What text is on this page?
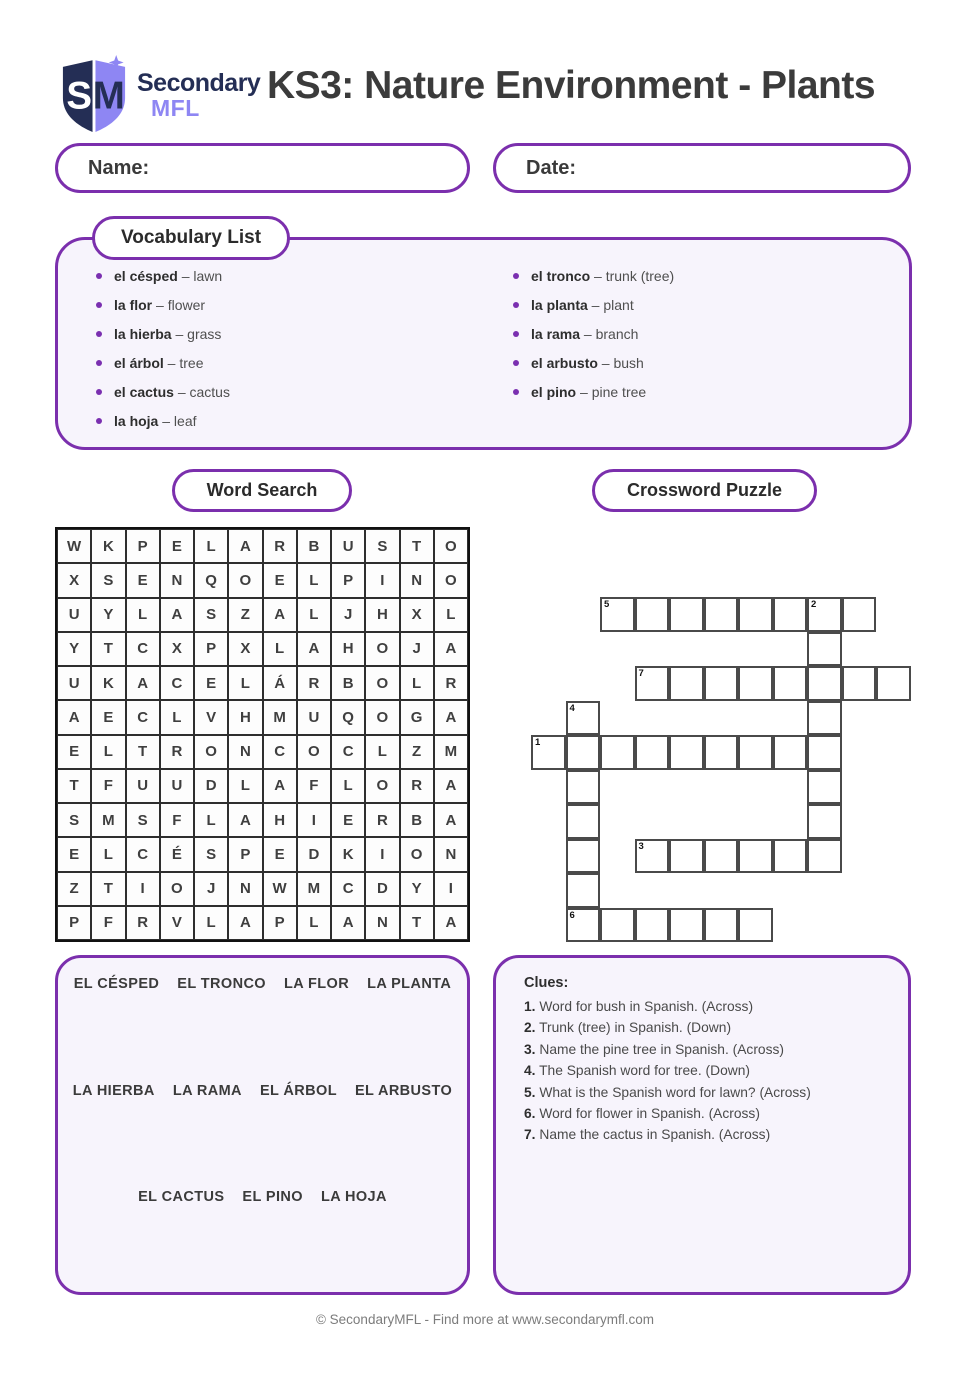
S M Secondary
MFL
KS3: Nature Environment - Plants
Name:	Date:
Vocabulary List
el césped – lawn
la flor – flower
la hierba – grass
el árbol – tree
el cactus – cactus
la hoja – leaf
el tronco – trunk (tree)
la planta – plant
la rama – branch
el arbusto – bush
el pino – pine tree
Word Search	Crossword Puzzle
W	K	P	E	L	A	R	B	U	S	T	O
X	S	E	N	Q	O	E	L	P	I	N	O
U	Y	L	A	S	Z	A	L	J	H	X	L
Y	T	C	X	P	X	L	A	H	O	J	A
U	K	A	C	E	L	Á	R	B	O	L	R
A	E	C	L	V	H	M	U	Q	O	G	A
E	L	T	R	O	N	C	O	C	L	Z	M
T	F	U	U	D	L	A	F	L	O	R	A
S	M	S	F	L	A	H	I	E	R	B	A
E	L	C	É	S	P	E	D	K	I	O	N
Z	T	I	O	J	N	W	M	C	D	Y	I
P	F	R	V	L	A	P	L	A	N	T	A
5	2
7
4
6
1
3
EL CÉSPED EL TRONCO LA FLOR LA PLANTA
LA HIERBA LA RAMA EL ÁRBOL EL ARBUSTO
EL CACTUS EL PINO LA HOJA
Clues:
1. Word for bush in Spanish. (Across)
2. Trunk (tree) in Spanish. (Down)
3. Name the pine tree in Spanish. (Across)
4. The Spanish word for tree. (Down)
5. What is the Spanish word for lawn? (Across)
6. Word for flower in Spanish. (Across)
7. Name the cactus in Spanish. (Across)
© SecondaryMFL - Find more at www.secondarymfl.com
